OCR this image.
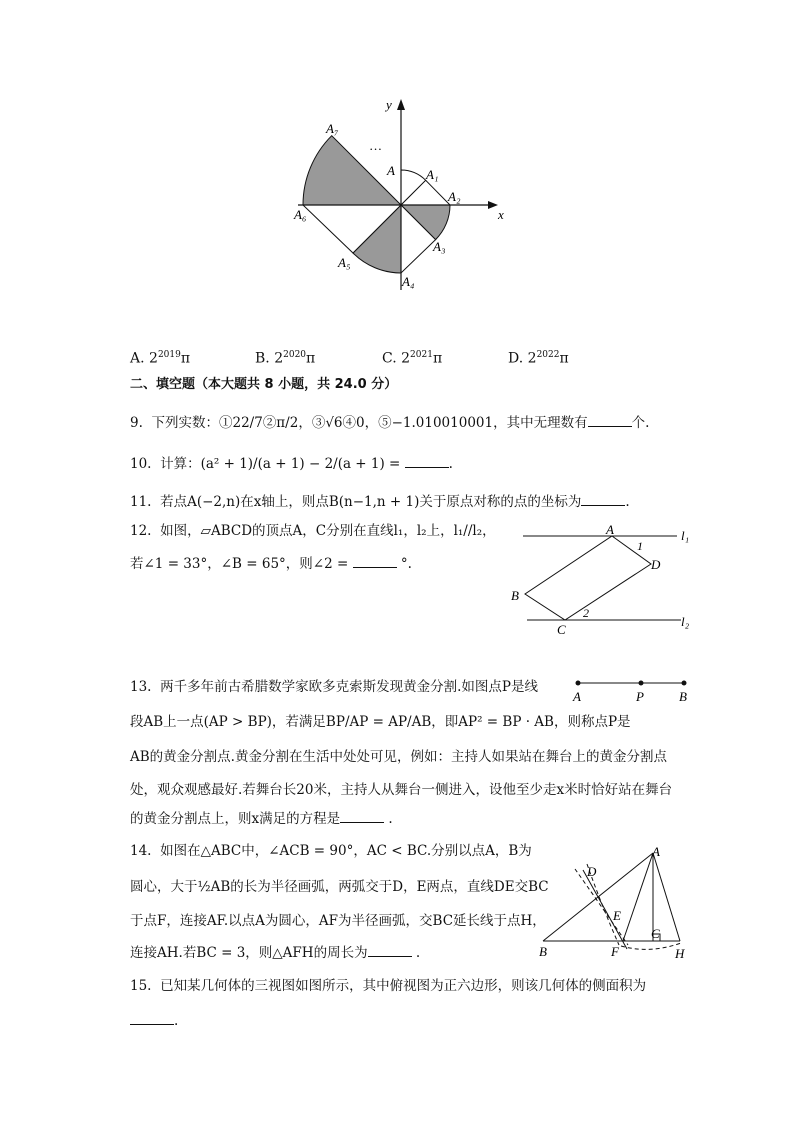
x
y
…
A A₁
A₂
A₃
A₄
A₅
A₆
A₇
A. $2^{2019}\pi$	B. $2^{2020}\pi$	C. $2^{2021}\pi$	D. $2^{2022}\pi$
二、填空题（本大题共 8 小题，共 24.0 分）
9. 下列实数：①22/7②π/2，③√6④0，⑤−1.010010001，其中无理数有	个.
10. 计算：(a² + 1)/(a + 1) − 2/(a + 1) =	.
11. 若点A(−2,n)在x轴上，则点B(n−1,n + 1)关于原点对称的点的坐标为	.
12. 如图，▱ABCD的顶点A，C分别在直线l₁，l₂上，l₁//l₂，
若∠1 = 33°，∠B = 65°，则∠2 =	°.
A
1
D
B
C
2
l₁
l₂
13. 两千多年前古希腊数学家欧多克索斯发现黄金分割.如图点P是线
段AB上一点(AP > BP)，若满足BP/AP = AP/AB，即AP² = BP · AB，则称点P是
AB的黄金分割点.黄金分割在生活中处处可见，例如：主持人如果站在舞台上的黄金分割点
处，观众观感最好.若舞台长20米，主持人从舞台一侧进入，设他至少走x米时恰好站在舞台
的黄金分割点上，则x满足的方程是	.
A	P	B
14. 如图在△ABC中，∠ACB = 90°，AC < BC.分别以点A，B为
圆心，大于½AB的长为半径画弧，两弧交于D，E两点，直线DE交BC
于点F，连接AF.以点A为圆心，AF为半径画弧，交BC延长线于点H，
连接AH.若BC = 3，则△AFH的周长为	.
A
D
E
B	F
C
H
15. 已知某几何体的三视图如图所示，其中俯视图为正六边形，则该几何体的侧面积为
.
